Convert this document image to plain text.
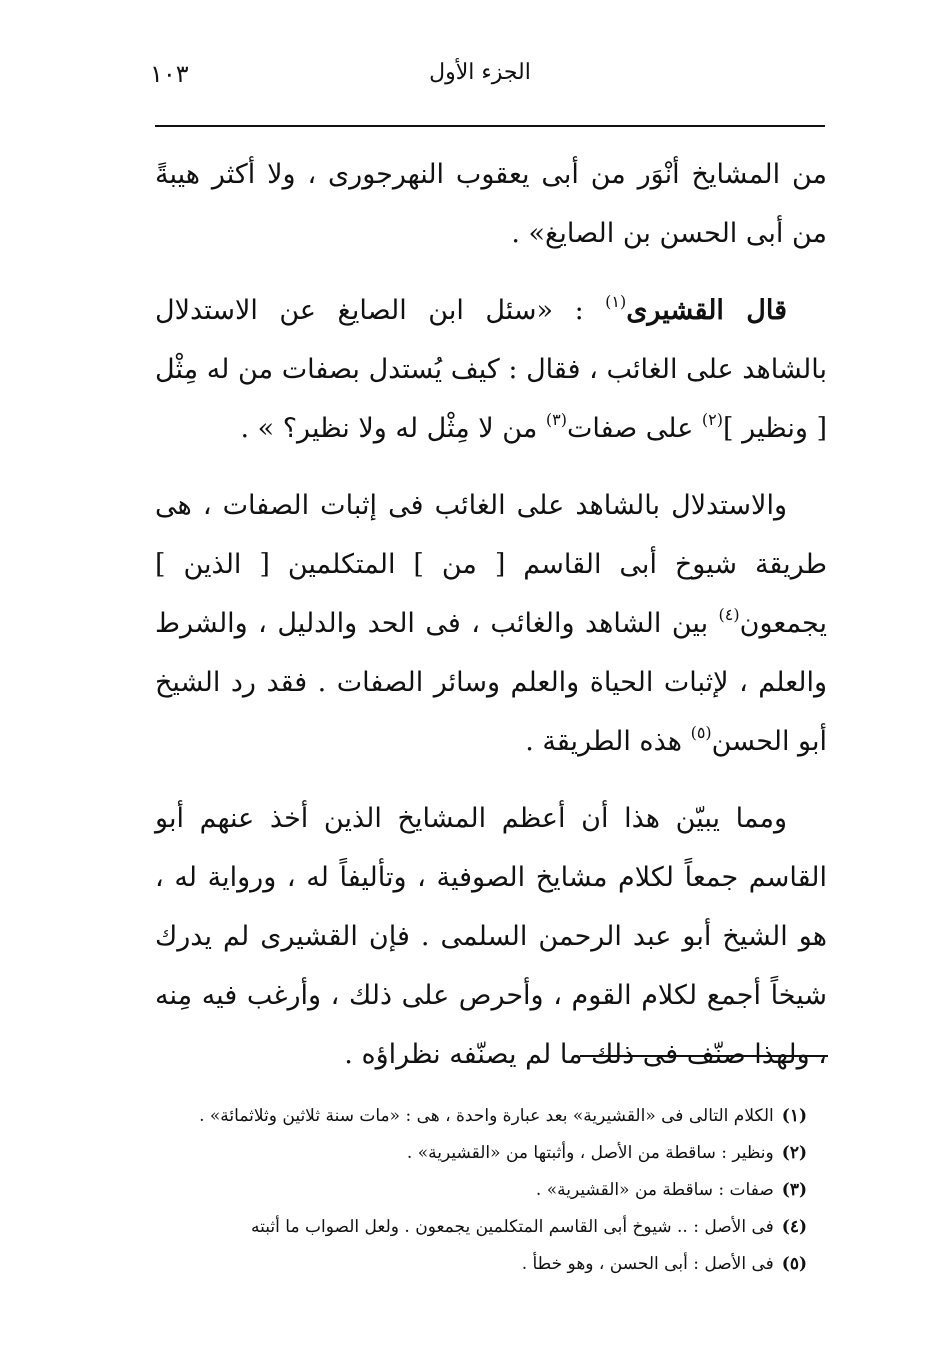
الجزء الأول
١٠٣

من المشايخ أنْوَر من أبى يعقوب النهرجورى ، ولا أكثر هيبةً من أبى الحسن بن الصايغ» .

قال القشيرى$^{(١)}$ : «سئل ابن الصايغ عن الاستدلال بالشاهد على الغائب ، فقال : كيف يُستدل بصفات من له مِثْل [ ونظير ]$^{(٢)}$ على صفات$^{(٣)}$ من لا مِثْل له ولا نظير؟ » .

والاستدلال بالشاهد على الغائب فى إثبات الصفات ، هى طريقة شيوخ أبى القاسم [ من ] المتكلمين [ الذين ] يجمعون$^{(٤)}$ بين الشاهد والغائب ، فى الحد والدليل ، والشرط والعلم ، لإثبات الحياة والعلم وسائر الصفات . فقد رد الشيخ أبو الحسن$^{(٥)}$ هذه الطريقة .

ومما يبيّن هذا أن أعظم المشايخ الذين أخذ عنهم أبو القاسم جمعاً لكلام مشايخ الصوفية ، وتأليفاً له ، ورواية له ، هو الشيخ أبو عبد الرحمن السلمى . فإن القشيرى لم يدرك شيخاً أجمع لكلام القوم ، وأحرص على ذلك ، وأرغب فيه مِنه ، ولهذا صنّف فى ذلك ما لم يصنّفه نظراؤه .

(١)الكلام التالى فى «القشيرية» بعد عبارة واحدة ، هى : «مات سنة ثلاثين وثلاثمائة» .

(٢)ونظير : ساقطة من الأصل ، وأثبتها من «القشيرية» .

(٣)صفات : ساقطة من «القشيرية» .

(٤)فى الأصل : .. شيوخ أبى القاسم المتكلمين يجمعون . ولعل الصواب ما أثبته

(٥)فى الأصل : أبى الحسن ، وهو خطأ .
